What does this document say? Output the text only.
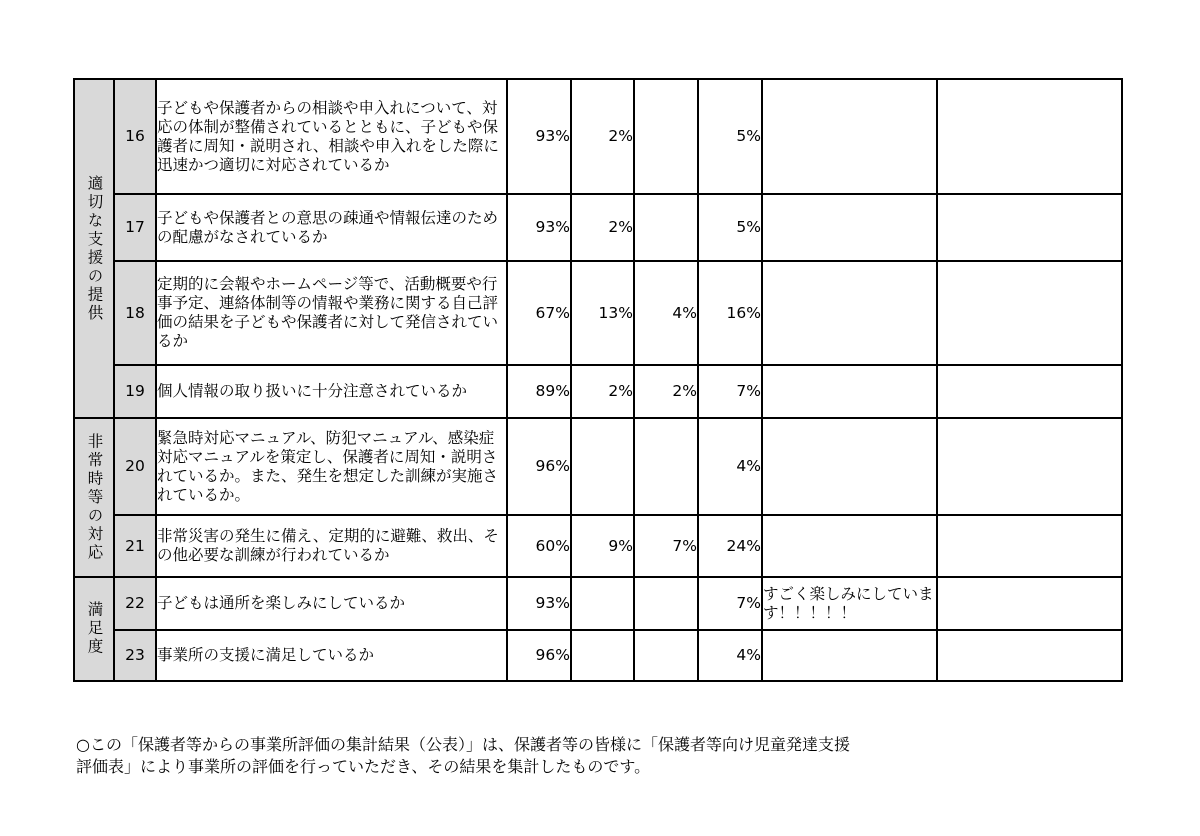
適切な支援の提供	16	子どもや保護者からの相談や申入れについて、対応の体制が整備されているとともに、子どもや保護者に周知・説明され、相談や申入れをした際に迅速かつ適切に対応されているか	93%	2%		5%		
	17	子どもや保護者との意思の疎通や情報伝達のための配慮がなされているか	93%	2%		5%		
	18	定期的に会報やホームページ等で、活動概要や行事予定、連絡体制等の情報や業務に関する自己評価の結果を子どもや保護者に対して発信されているか	67%	13%	4%	16%		
	19	個人情報の取り扱いに十分注意されているか	89%	2%	2%	7%		
非常時等の対応	20	緊急時対応マニュアル、防犯マニュアル、感染症対応マニュアルを策定し、保護者に周知・説明されているか。また、発生を想定した訓練が実施されているか。	96%			4%		
	21	非常災害の発生に備え、定期的に避難、救出、その他必要な訓練が行われているか	60%	9%	7%	24%		
満足度	22	子どもは通所を楽しみにしているか	93%			7%	すごく楽しみにしています！！！！！	
	23	事業所の支援に満足しているか	96%			4%		
○この「保護者等からの事業所評価の集計結果（公表）」は、保護者等の皆様に「保護者等向け児童発達支援
評価表」により事業所の評価を行っていただき、その結果を集計したものです。
